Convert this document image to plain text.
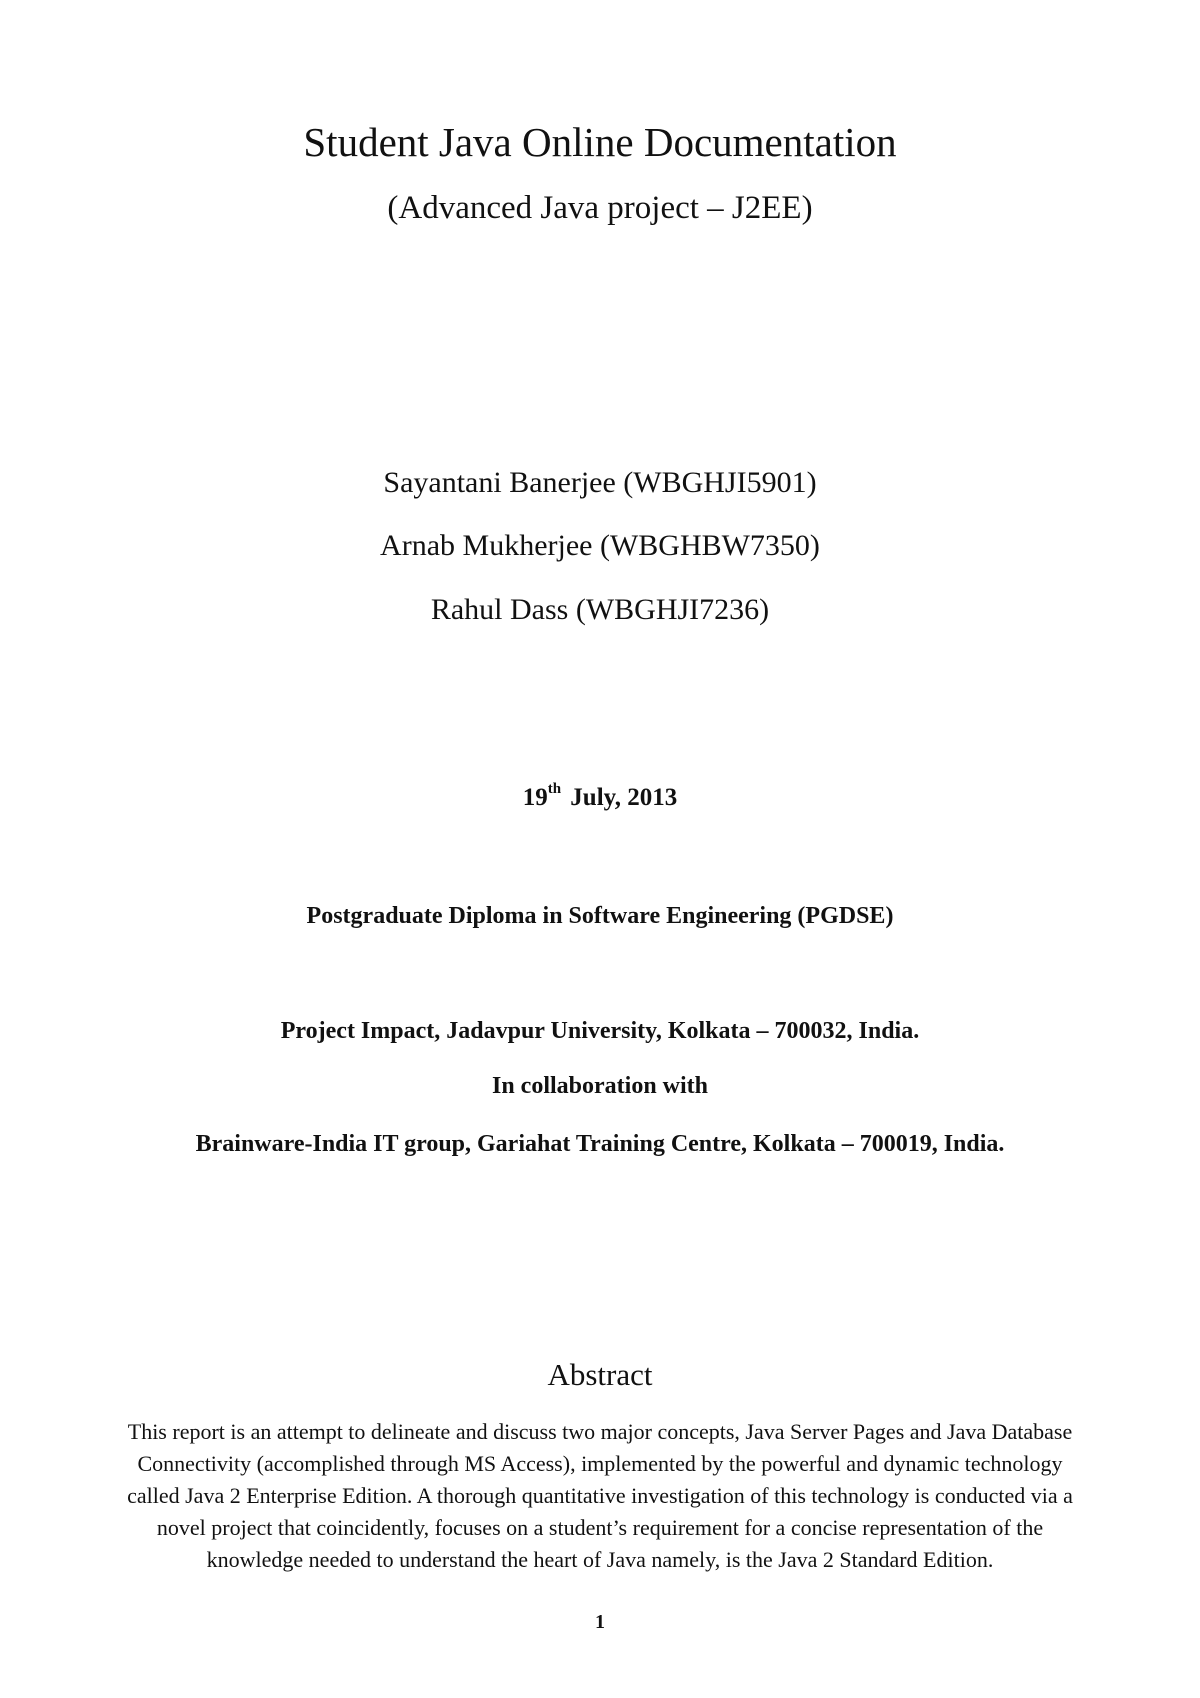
Student Java Online Documentation
(Advanced Java project – J2EE)
Sayantani Banerjee (WBGHJI5901)
Arnab Mukherjee (WBGHBW7350)
Rahul Dass (WBGHJI7236)
19th July, 2013
Postgraduate Diploma in Software Engineering (PGDSE)
Project Impact, Jadavpur University, Kolkata – 700032, India.
In collaboration with
Brainware-India IT group, Gariahat Training Centre, Kolkata – 700019, India.
Abstract
This report is an attempt to delineate and discuss two major concepts, Java Server Pages and Java Database
Connectivity (accomplished through MS Access), implemented by the powerful and dynamic technology
called Java 2 Enterprise Edition. A thorough quantitative investigation of this technology is conducted via a
novel project that coincidently, focuses on a student’s requirement for a concise representation of the
knowledge needed to understand the heart of Java namely, is the Java 2 Standard Edition.
1
